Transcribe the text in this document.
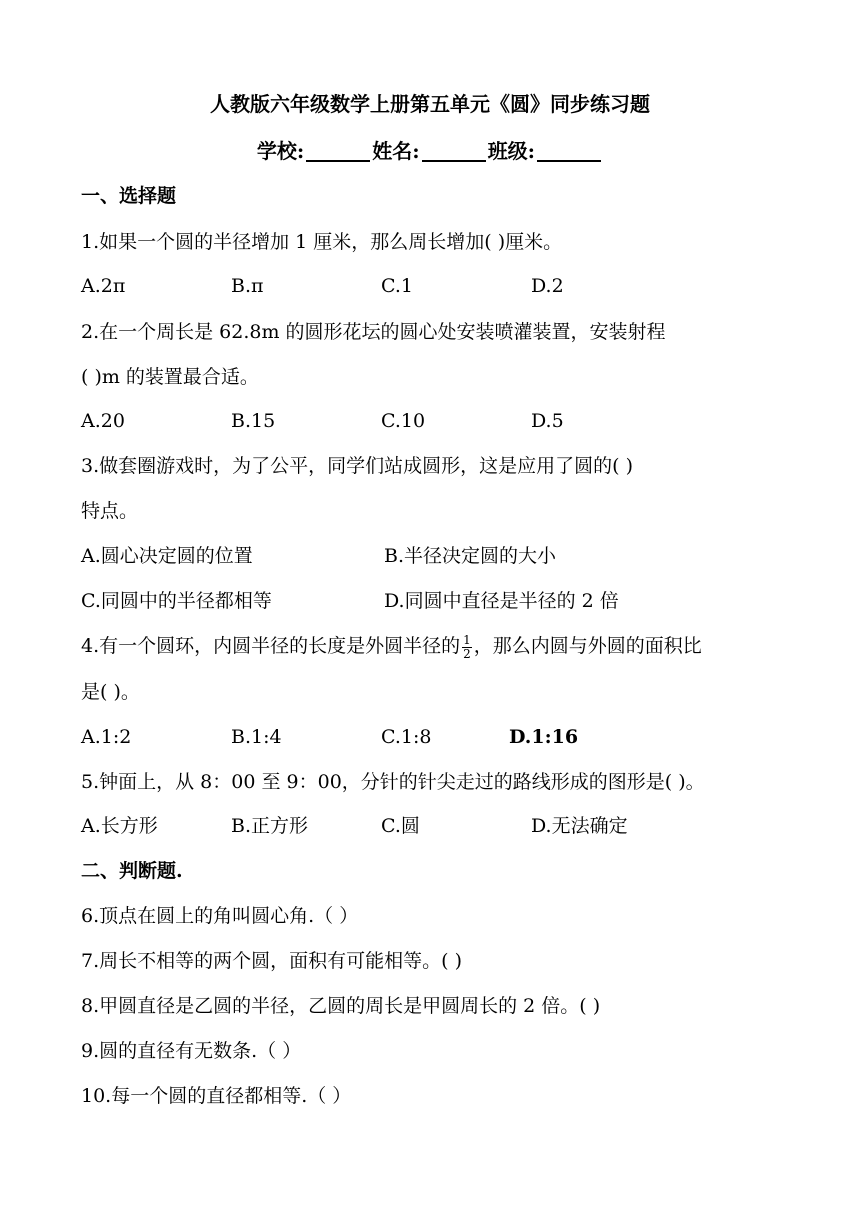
人教版六年级数学上册第五单元《圆》同步练习题
学校:	姓名:	班级:
一、选择题
1.如果一个圆的半径增加 1 厘米，那么周长增加( )厘米。
A.2π	B.π	C.1	D.2
2.在一个周长是 62.8m 的圆形花坛的圆心处安装喷灌装置，安装射程
( )m 的装置最合适。
A.20	B.15	C.10	D.5
3.做套圈游戏时，为了公平，同学们站成圆形，这是应用了圆的( )
特点。
A.圆心决定圆的位置	B.半径决定圆的大小
C.同圆中的半径都相等	D.同圆中直径是半径的 2 倍
4.有一个圆环，内圆半径的长度是外圆半径的 $\frac{1}{2}$ ，那么内圆与外圆的面积比
是( )。
A.1:2	B.1:4	C.1:8	D.1:16
5.钟面上，从 8：00 至 9：00，分针的针尖走过的路线形成的图形是( )。
A.长方形	B.正方形	C.圆	D.无法确定
二、判断题.
6.顶点在圆上的角叫圆心角.（ ）
7.周长不相等的两个圆，面积有可能相等。( )
8.甲圆直径是乙圆的半径，乙圆的周长是甲圆周长的 2 倍。( )
9.圆的直径有无数条.（ ）
10.每一个圆的直径都相等.（ ）
